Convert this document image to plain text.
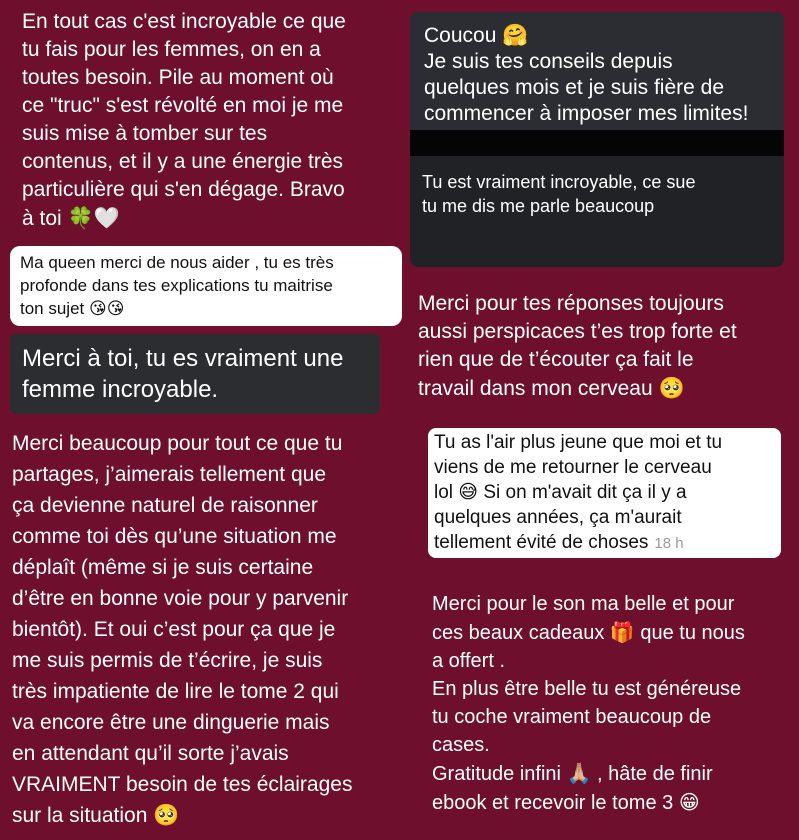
En tout cas c'est incroyable ce que
tu fais pour les femmes, on en a
toutes besoin. Pile au moment où
ce "truc" s'est révolté en moi je me
suis mise à tomber sur tes
contenus, et il y a une énergie très
particulière qui s'en dégage. Bravo
à toi 🍀🤍
Ma queen merci de nous aider , tu es très
profonde dans tes explications tu maitrise
ton sujet 😘😘
Merci à toi, tu es vraiment une
femme incroyable.
Merci beaucoup pour tout ce que tu
partages, j’aimerais tellement que
ça devienne naturel de raisonner
comme toi dès qu’une situation me
déplaît (même si je suis certaine
d’être en bonne voie pour y parvenir
bientôt). Et oui c’est pour ça que je
me suis permis de t’écrire, je suis
très impatiente de lire le tome 2 qui
va encore être une dinguerie mais
en attendant qu’il sorte j’avais
VRAIMENT besoin de tes éclairages
sur la situation 🥺
Coucou 🤗
Je suis tes conseils depuis
quelques mois et je suis fière de
commencer à imposer mes limites!
Tu est vraiment incroyable, ce sue
tu me dis me parle beaucoup
Merci pour tes réponses toujours
aussi perspicaces t’es trop forte et
rien que de t’écouter ça fait le
travail dans mon cerveau 🥺
Tu as l'air plus jeune que moi et tu
viens de me retourner le cerveau
lol 😅 Si on m'avait dit ça il y a
quelques années, ça m'aurait
tellement évité de choses 18 h
Merci pour le son ma belle et pour
ces beaux cadeaux 🎁 que tu nous
a offert .
En plus être belle tu est généreuse
tu coche vraiment beaucoup de
cases.
Gratitude infini 🙏🏼 , hâte de finir
ebook et recevoir le tome 3 😁
